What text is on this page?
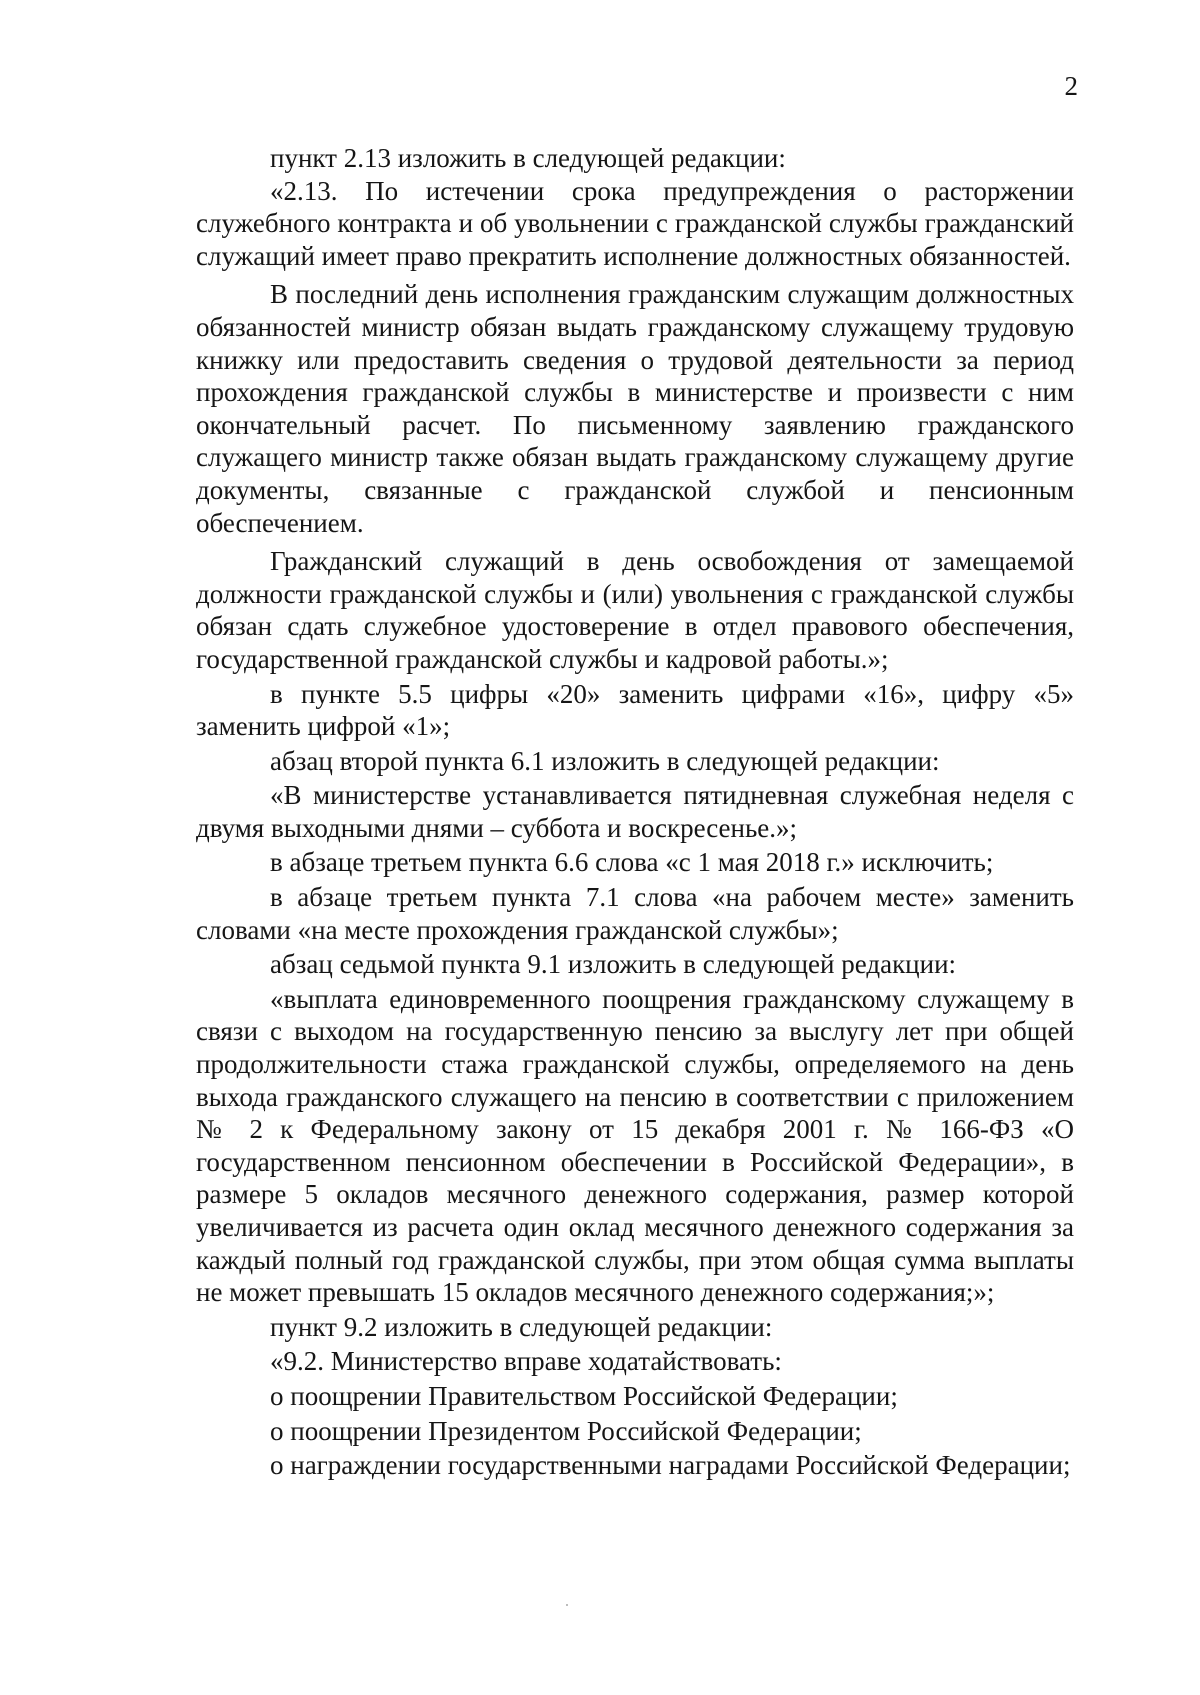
2

пункт 2.13 изложить в следующей редакции:

«2.13. По истечении срока предупреждения о расторжении служебного контракта и об увольнении с гражданской службы гражданский служащий имеет право прекратить исполнение должностных обязанностей.

В последний день исполнения гражданским служащим должностных обязанностей министр обязан выдать гражданскому служащему трудовую книжку или предоставить сведения о трудовой деятельности за период прохождения гражданской службы в министерстве и произвести с ним окончательный расчет. По письменному заявлению гражданского служащего министр также обязан выдать гражданскому служащему другие документы, связанные с гражданской службой и пенсионным обеспечением.

Гражданский служащий в день освобождения от замещаемой должности гражданской службы и (или) увольнения с гражданской службы обязан сдать служебное удостоверение в отдел правового обеспечения, государственной гражданской службы и кадровой работы.»;

в пункте 5.5 цифры «20» заменить цифрами «16», цифру «5» заменить цифрой «1»;

абзац второй пункта 6.1 изложить в следующей редакции:

«В министерстве устанавливается пятидневная служебная неделя с двумя выходными днями – суббота и воскресенье.»;

в абзаце третьем пункта 6.6 слова «с 1 мая 2018 г.» исключить;

в абзаце третьем пункта 7.1 слова «на рабочем месте» заменить словами «на месте прохождения гражданской службы»;

абзац седьмой пункта 9.1 изложить в следующей редакции:

«выплата единовременного поощрения гражданскому служащему в связи с выходом на государственную пенсию за выслугу лет при общей продолжительности стажа гражданской службы, определяемого на день выхода гражданского служащего на пенсию в соответствии с приложением № 2 к Федеральному закону от 15 декабря 2001 г. № 166-ФЗ «О государственном пенсионном обеспечении в Российской Федерации», в размере 5 окладов месячного денежного содержания, размер которой увеличивается из расчета один оклад месячного денежного содержания за каждый полный год гражданской службы, при этом общая сумма выплаты не может превышать 15 окладов месячного денежного содержания;»;

пункт 9.2 изложить в следующей редакции:

«9.2. Министерство вправе ходатайствовать:

о поощрении Правительством Российской Федерации;

о поощрении Президентом Российской Федерации;

о награждении государственными наградами Российской Федерации;
